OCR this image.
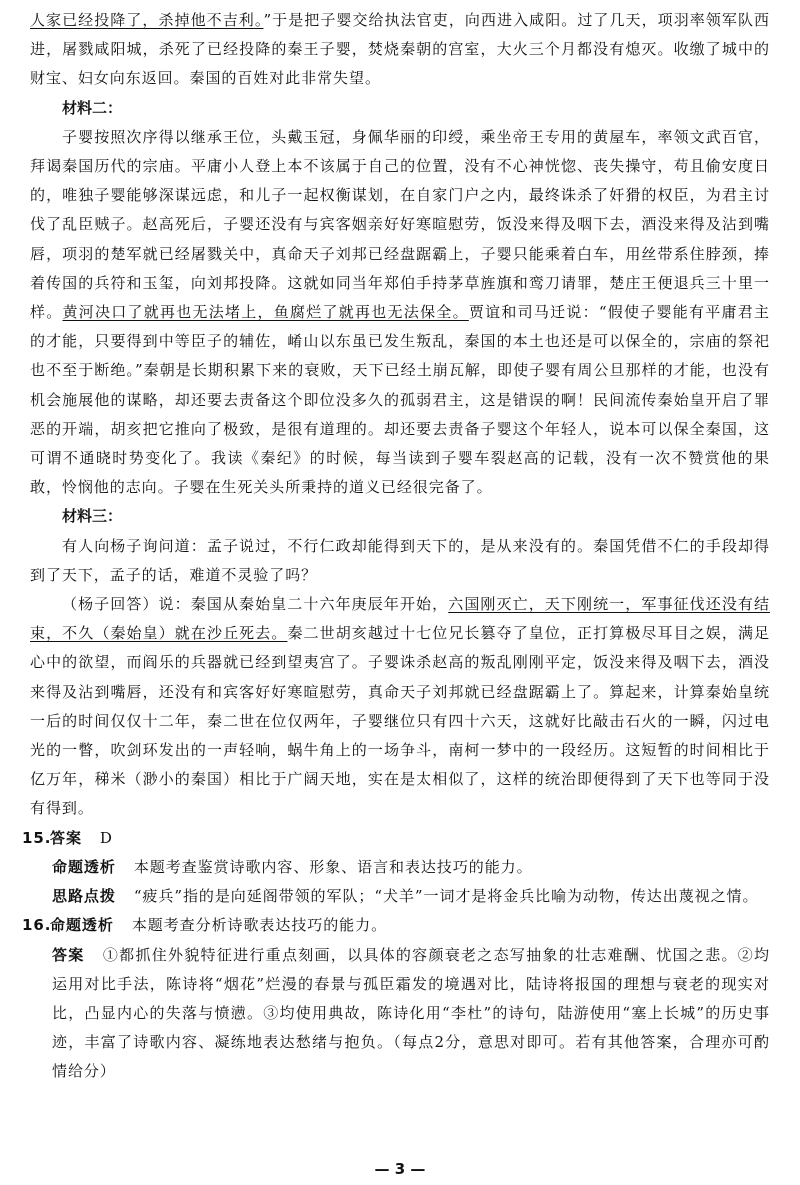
人家已经投降了，杀掉他不吉利。”于是把子婴交给执法官吏，向西进入咸阳。过了几天，项羽率领军队西进，屠戮咸阳城，杀死了已经投降的秦王子婴，焚烧秦朝的宫室，大火三个月都没有熄灭。收缴了城中的财宝、妇女向东返回。秦国的百姓对此非常失望。

材料二：

子婴按照次序得以继承王位，头戴玉冠，身佩华丽的印绶，乘坐帝王专用的黄屋车，率领文武百官，拜谒秦国历代的宗庙。平庸小人登上本不该属于自己的位置，没有不心神恍惚、丧失操守，苟且偷安度日的，唯独子婴能够深谋远虑，和儿子一起权衡谋划，在自家门户之内，最终诛杀了奸猾的权臣，为君主讨伐了乱臣贼子。赵高死后，子婴还没有与宾客姻亲好好寒暄慰劳，饭没来得及咽下去，酒没来得及沾到嘴唇，项羽的楚军就已经屠戮关中，真命天子刘邦已经盘踞霸上，子婴只能乘着白车，用丝带系住脖颈，捧着传国的兵符和玉玺，向刘邦投降。这就如同当年郑伯手持茅草旌旗和鸾刀请罪，楚庄王便退兵三十里一样。黄河决口了就再也无法堵上，鱼腐烂了就再也无法保全。贾谊和司马迁说：“假使子婴能有平庸君主的才能，只要得到中等臣子的辅佐，崤山以东虽已发生叛乱，秦国的本土也还是可以保全的，宗庙的祭祀也不至于断绝。”秦朝是长期积累下来的衰败，天下已经土崩瓦解，即使子婴有周公旦那样的才能，也没有机会施展他的谋略，却还要去责备这个即位没多久的孤弱君主，这是错误的啊！民间流传秦始皇开启了罪恶的开端，胡亥把它推向了极致，是很有道理的。却还要去责备子婴这个年轻人，说本可以保全秦国，这可谓不通晓时势变化了。我读《秦纪》的时候，每当读到子婴车裂赵高的记载，没有一次不赞赏他的果敢，怜悯他的志向。子婴在生死关头所秉持的道义已经很完备了。

材料三：

有人向杨子询问道：孟子说过，不行仁政却能得到天下的，是从来没有的。秦国凭借不仁的手段却得到了天下，孟子的话，难道不灵验了吗？

（杨子回答）说：秦国从秦始皇二十六年庚辰年开始，六国刚灭亡，天下刚统一，军事征伐还没有结束，不久（秦始皇）就在沙丘死去。秦二世胡亥越过十七位兄长篡夺了皇位，正打算极尽耳目之娱，满足心中的欲望，而阎乐的兵器就已经到望夷宫了。子婴诛杀赵高的叛乱刚刚平定，饭没来得及咽下去，酒没来得及沾到嘴唇，还没有和宾客好好寒暄慰劳，真命天子刘邦就已经盘踞霸上了。算起来，计算秦始皇统一后的时间仅仅十二年，秦二世在位仅两年，子婴继位只有四十六天，这就好比敲击石火的一瞬，闪过电光的一瞥，吹剑环发出的一声轻响，蜗牛角上的一场争斗，南柯一梦中的一段经历。这短暂的时间相比于亿万年，稊米（渺小的秦国）相比于广阔天地，实在是太相似了，这样的统治即便得到了天下也等同于没有得到。

15.答案 D

命题透析 本题考查鉴赏诗歌内容、形象、语言和表达技巧的能力。

思路点拨 “疲兵”指的是向延阁带领的军队；“犬羊”一词才是将金兵比喻为动物，传达出蔑视之情。

16.命题透析 本题考查分析诗歌表达技巧的能力。

答案 ①都抓住外貌特征进行重点刻画，以具体的容颜衰老之态写抽象的壮志难酬、忧国之悲。②均运用对比手法，陈诗将“烟花”烂漫的春景与孤臣霜发的境遇对比，陆诗将报国的理想与衰老的现实对比，凸显内心的失落与愤懑。③均使用典故，陈诗化用“李杜”的诗句，陆游使用“塞上长城”的历史事迹，丰富了诗歌内容、凝练地表达愁绪与抱负。（每点2分，意思对即可。若有其他答案，合理亦可酌情给分）

— 3 —
